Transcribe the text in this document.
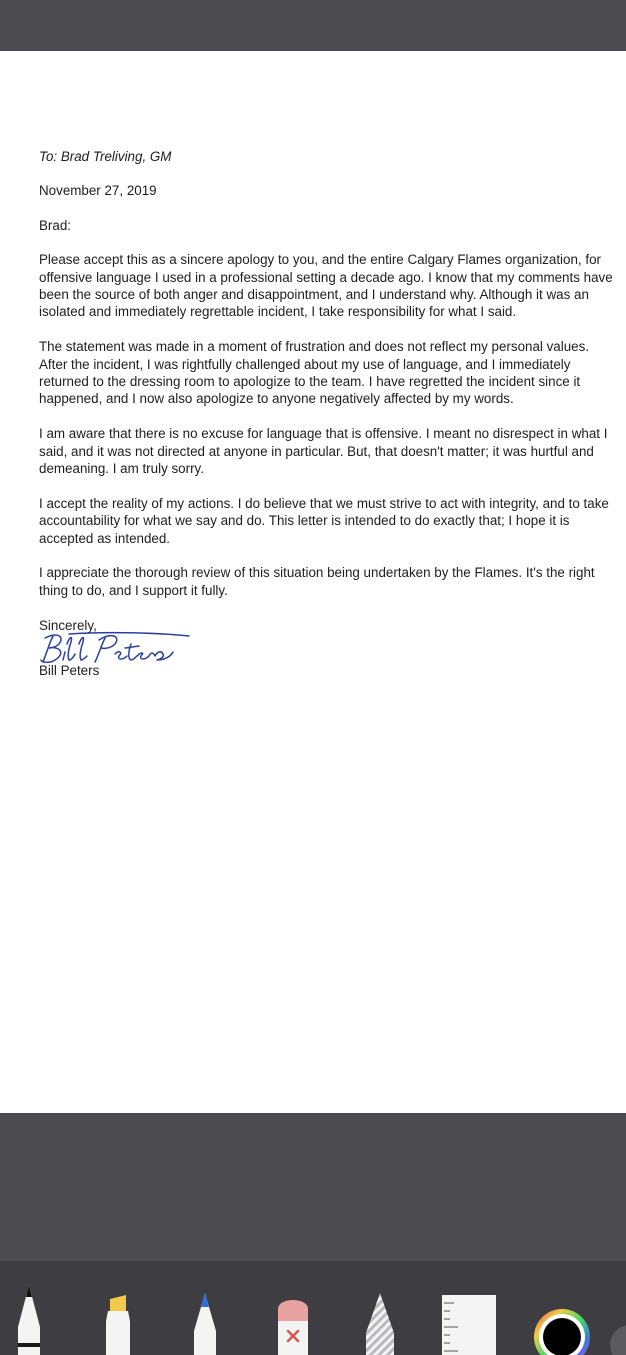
To: Brad Treliving, GM

November 27, 2019

Brad:

Please accept this as a sincere apology to you, and the entire Calgary Flames organization, for offensive language I used in a professional setting a decade ago. I know that my comments have been the source of both anger and disappointment, and I understand why. Although it was an isolated and immediately regrettable incident, I take responsibility for what I said.

The statement was made in a moment of frustration and does not reflect my personal values. After the incident, I was rightfully challenged about my use of language, and I immediately returned to the dressing room to apologize to the team. I have regretted the incident since it happened, and I now also apologize to anyone negatively affected by my words.

I am aware that there is no excuse for language that is offensive. I meant no disrespect in what I said, and it was not directed at anyone in particular. But, that doesn't matter; it was hurtful and demeaning. I am truly sorry.

I accept the reality of my actions. I do believe that we must strive to act with integrity, and to take accountability for what we say and do. This letter is intended to do exactly that; I hope it is accepted as intended.

I appreciate the thorough review of this situation being undertaken by the Flames. It's the right thing to do, and I support it fully.

Sincerely,

Bill Peters
